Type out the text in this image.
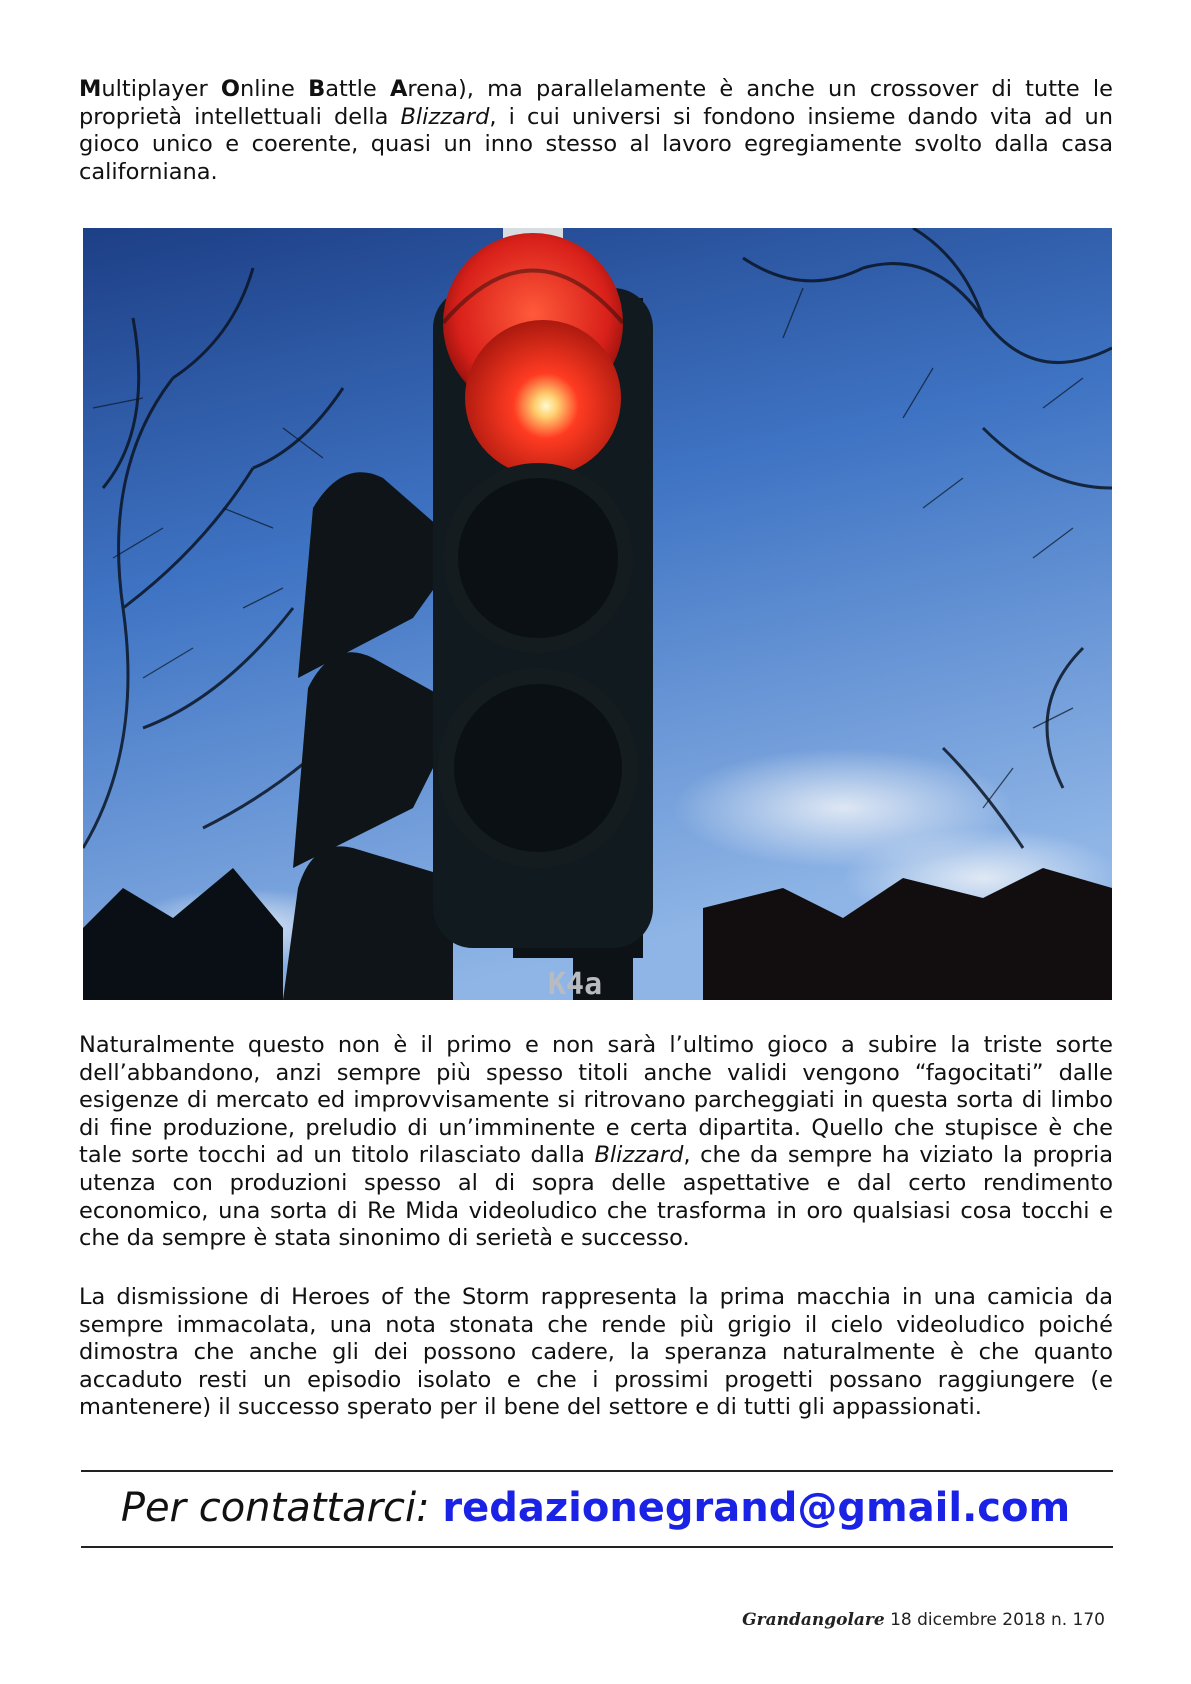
Multiplayer Online Battle Arena), ma parallelamente è anche un crossover di tutte le proprietà intellettuali della Blizzard, i cui universi si fondono insieme dando vita ad un gioco unico e coerente, quasi un inno stesso al lavoro egregiamente svolto dalla casa californiana.

K4a

Naturalmente questo non è il primo e non sarà l’ultimo gioco a subire la triste sorte dell’abbandono, anzi sempre più spesso titoli anche validi vengono “fagocitati” dalle esigenze di mercato ed improvvisamente si ritrovano parcheggiati in questa sorta di limbo di fine produzione, preludio di un’imminente e certa dipartita. Quello che stupisce è che tale sorte tocchi ad un titolo rilasciato dalla Blizzard, che da sempre ha viziato la propria utenza con produzioni spesso al di sopra delle aspettative e dal certo rendimento economico, una sorta di Re Mida videoludico che trasforma in oro qualsiasi cosa tocchi e che da sempre è stata sinonimo di serietà e successo.

La dismissione di Heroes of the Storm rappresenta la prima macchia in una camicia da sempre immacolata, una nota stonata che rende più grigio il cielo videoludico poiché dimostra che anche gli dei possono cadere, la speranza naturalmente è che quanto accaduto resti un episodio isolato e che i prossimi progetti possano raggiungere (e mantenere) il successo sperato per il bene del settore e di tutti gli appassionati.

Per contattarci: redazionegrand@gmail.com
Grandangolare 18 dicembre 2018 n. 170
